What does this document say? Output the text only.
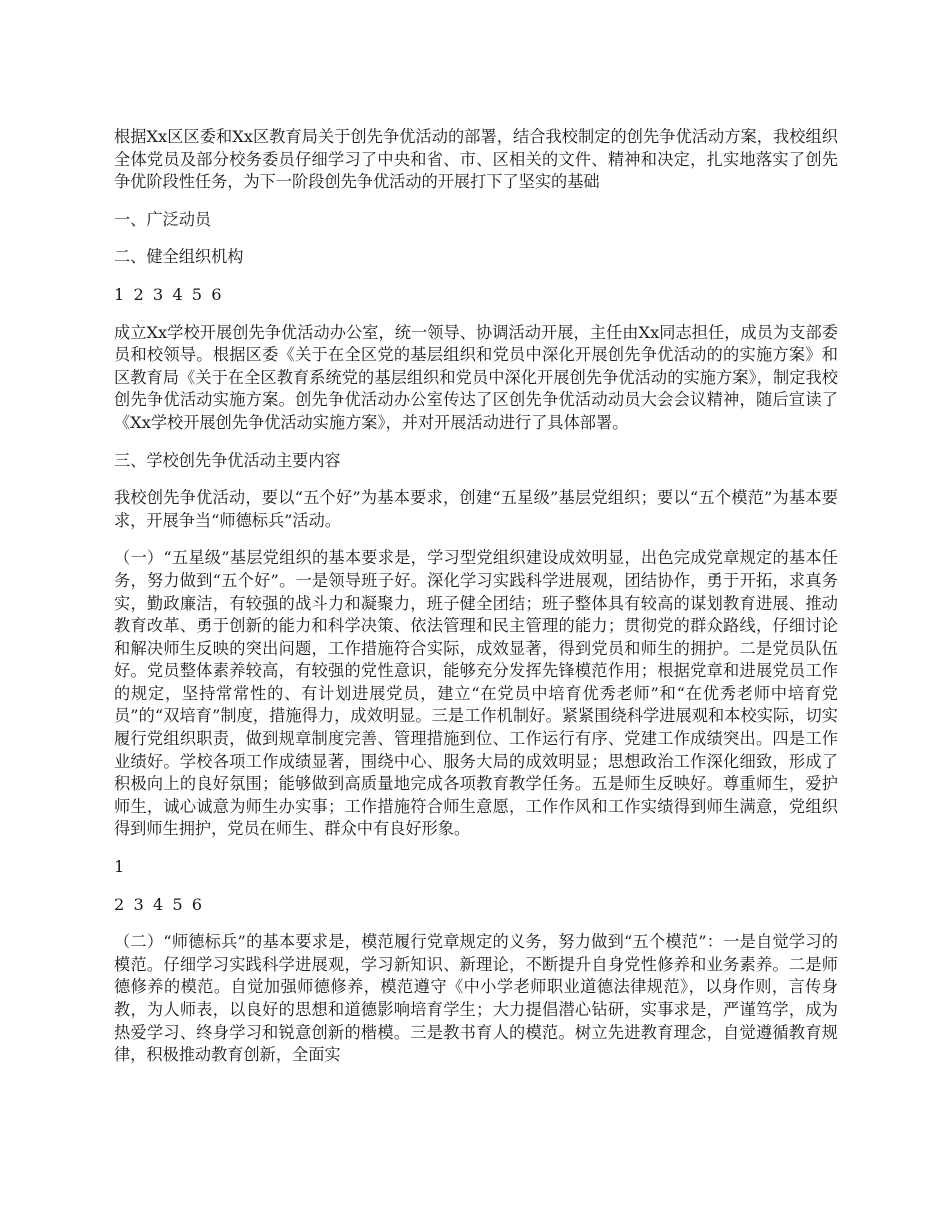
根据Xx区区委和Xx区教育局关于创先争优活动的部署，结合我校制定的创先争优活动方案，我校组织全体党员及部分校务委员仔细学习了中央和省、市、区相关的文件、精神和决定，扎实地落实了创先争优阶段性任务，为下一阶段创先争优活动的开展打下了坚实的基础

一、广泛动员

二、健全组织机构

1 2 3 4 5 6

成立Xx学校开展创先争优活动办公室，统一领导、协调活动开展，主任由Xx同志担任，成员为支部委员和校领导。根据区委《关于在全区党的基层组织和党员中深化开展创先争优活动的的实施方案》和区教育局《关于在全区教育系统党的基层组织和党员中深化开展创先争优活动的实施方案》，制定我校创先争优活动实施方案。创先争优活动办公室传达了区创先争优活动动员大会会议精神，随后宣读了《Xx学校开展创先争优活动实施方案》，并对开展活动进行了具体部署。

三、学校创先争优活动主要内容

我校创先争优活动，要以“五个好”为基本要求，创建“五星级”基层党组织；要以“五个模范”为基本要求，开展争当“师德标兵”活动。

（一）“五星级”基层党组织的基本要求是，学习型党组织建设成效明显，出色完成党章规定的基本任务，努力做到“五个好”。一是领导班子好。深化学习实践科学进展观，团结协作，勇于开拓，求真务实，勤政廉洁，有较强的战斗力和凝聚力，班子健全团结；班子整体具有较高的谋划教育进展、推动教育改革、勇于创新的能力和科学决策、依法管理和民主管理的能力；贯彻党的群众路线，仔细讨论和解决师生反映的突出问题，工作措施符合实际，成效显著，得到党员和师生的拥护。二是党员队伍好。党员整体素养较高，有较强的党性意识，能够充分发挥先锋模范作用；根据党章和进展党员工作的规定，坚持常常性的、有计划进展党员，建立“在党员中培育优秀老师”和“在优秀老师中培育党员”的“双培育”制度，措施得力，成效明显。三是工作机制好。紧紧围绕科学进展观和本校实际，切实履行党组织职责，做到规章制度完善、管理措施到位、工作运行有序、党建工作成绩突出。四是工作业绩好。学校各项工作成绩显著，围绕中心、服务大局的成效明显；思想政治工作深化细致，形成了积极向上的良好氛围；能够做到高质量地完成各项教育教学任务。五是师生反映好。尊重师生，爱护师生，诚心诚意为师生办实事；工作措施符合师生意愿，工作作风和工作实绩得到师生满意，党组织得到师生拥护，党员在师生、群众中有良好形象。

1

2 3 4 5 6

（二）“师德标兵”的基本要求是，模范履行党章规定的义务，努力做到“五个模范”：一是自觉学习的模范。仔细学习实践科学进展观，学习新知识、新理论，不断提升自身党性修养和业务素养。二是师德修养的模范。自觉加强师德修养，模范遵守《中小学老师职业道德法律规范》，以身作则，言传身教，为人师表，以良好的思想和道德影响培育学生；大力提倡潜心钻研，实事求是，严谨笃学，成为热爱学习、终身学习和锐意创新的楷模。三是教书育人的模范。树立先进教育理念，自觉遵循教育规律，积极推动教育创新，全面实
